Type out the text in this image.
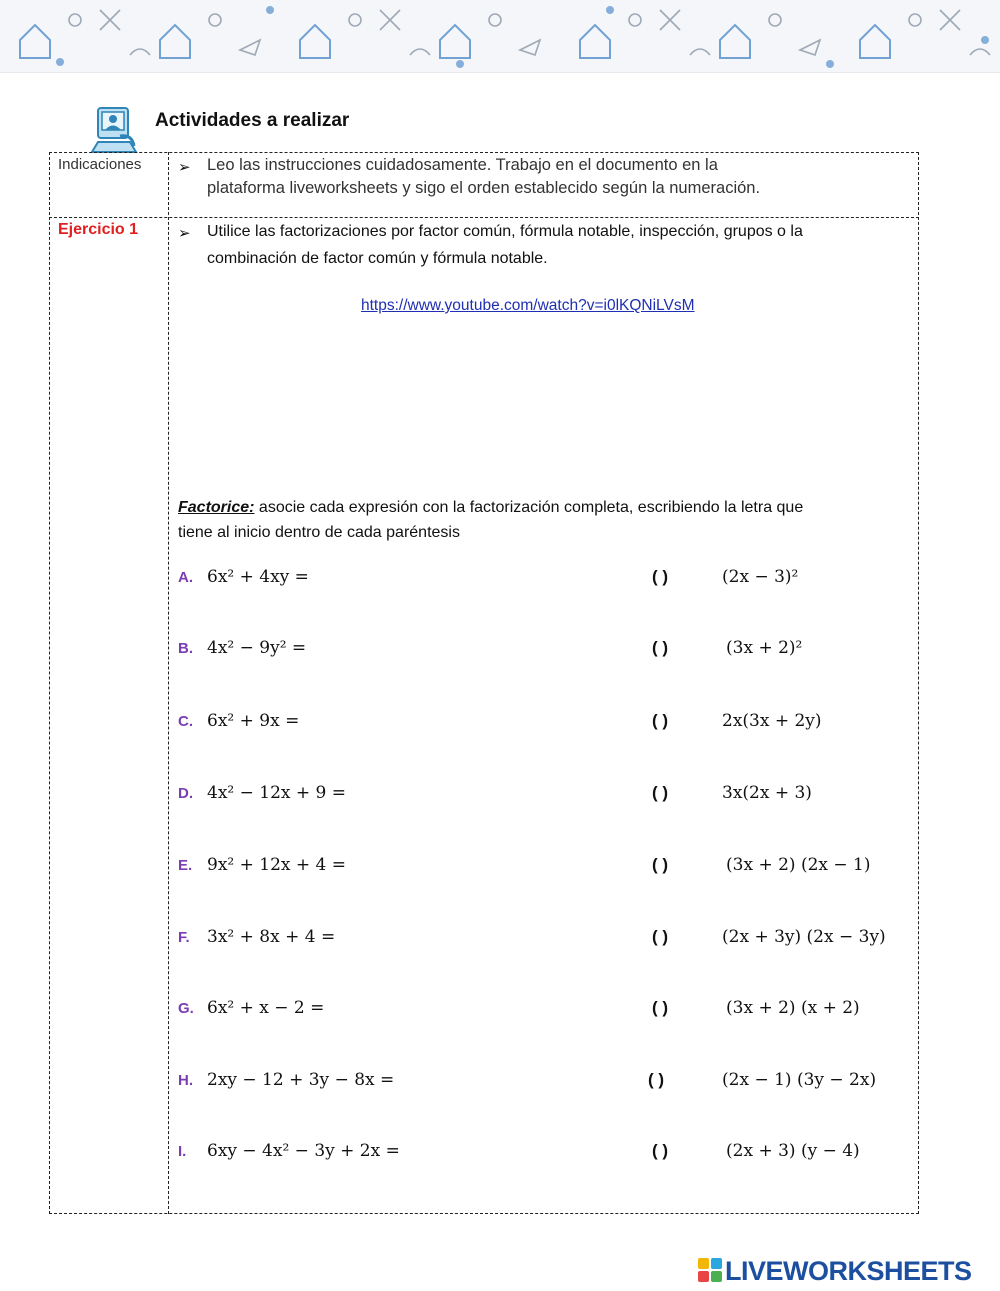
Actividades a realizar
Indicaciones ➢ Leo las instrucciones cuidadosamente. Trabajo en el documento en la
plataforma liveworksheets y sigo el orden establecido según la numeración.
Ejercicio 1	➢ Utilice las factorizaciones por factor común, fórmula notable, inspección, grupos o la
combinación de factor común y fórmula notable.
https://www.youtube.com/watch?v=i0lKQNiLVsM
Factorice: asocie cada expresión con la factorización completa, escribiendo la letra que
tiene al inicio dentro de cada paréntesis
A. 6x² + 4xy =	( )	(2x − 3)²
B. 4x² − 9y² =	( )	(3x + 2)²
C. 6x² + 9x =	( )	2x(3x + 2y)
D. 4x² − 12x + 9 =	( )	3x(2x + 3)
E. 9x² + 12x + 4 =	( )	(3x + 2) (2x − 1)
F. 3x² + 8x + 4 =	( )	(2x + 3y) (2x − 3y)
G. 6x² + x − 2 =	( )	(3x + 2) (x + 2)
H. 2xy − 12 + 3y − 8x =	( )	(2x − 1) (3y − 2x)
I. 6xy − 4x² − 3y + 2x =	( )	(2x + 3) (y − 4)
LIVEWORKSHEETS
